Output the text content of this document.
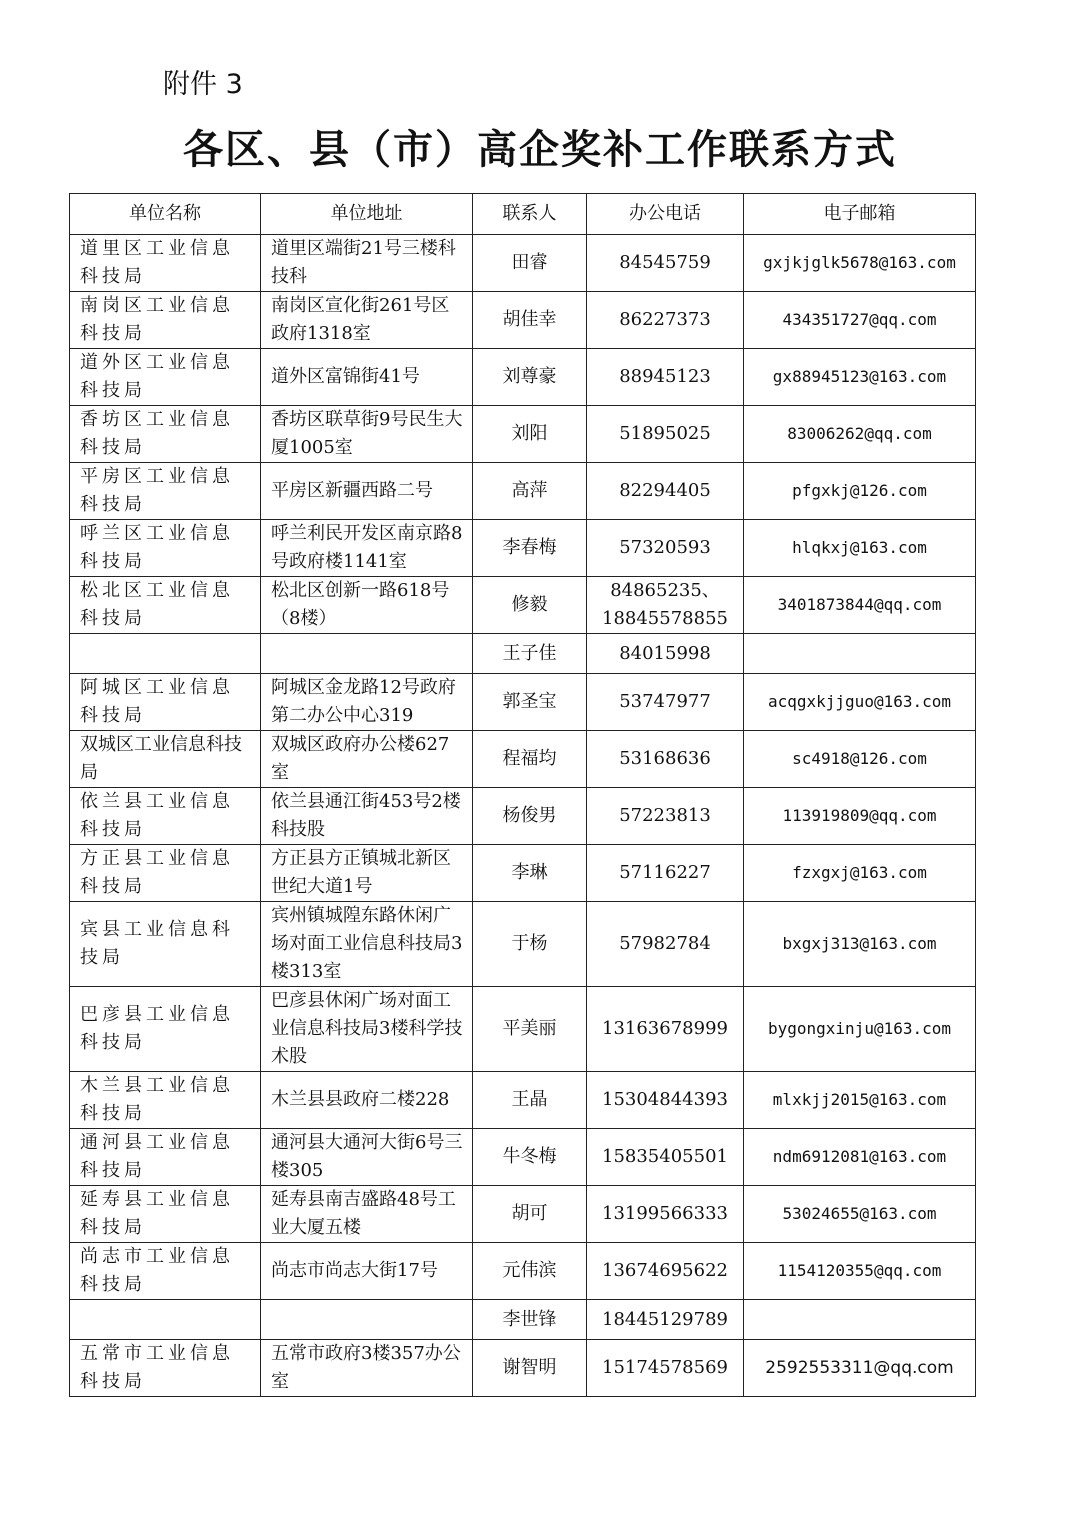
附件 3
各区、县（市）高企奖补工作联系方式
单位名称	单位地址	联系人	办公电话	电子邮箱
道里区工业信息科技局	道里区端街21号三楼科技科	田睿	84545759	gxjkjglk5678@163.com
南岗区工业信息科技局	南岗区宣化街261号区政府1318室	胡佳幸	86227373	434351727@qq.com
道外区工业信息科技局	道外区富锦街41号	刘尊豪	88945123	gx88945123@163.com
香坊区工业信息科技局	香坊区联草街9号民生大厦1005室	刘阳	51895025	83006262@qq.com
平房区工业信息科技局	平房区新疆西路二号	高萍	82294405	pfgxkj@126.com
呼兰区工业信息科技局	呼兰利民开发区南京路8号政府楼1141室	李春梅	57320593	hlqkxj@163.com
松北区工业信息科技局	松北区创新一路618号（8楼）	修毅	84865235、18845578855	3401873844@qq.com
		王子佳	84015998	
阿城区工业信息科技局	阿城区金龙路12号政府第二办公中心319	郭圣宝	53747977	acqgxkjjguo@163.com
双城区工业信息科技局	双城区政府办公楼627室	程福均	53168636	sc4918@126.com
依兰县工业信息科技局	依兰县通江街453号2楼科技股	杨俊男	57223813	113919809@qq.com
方正县工业信息科技局	方正县方正镇城北新区世纪大道1号	李琳	57116227	fzxgxj@163.com
宾县工业信息科技局	宾州镇城隍东路休闲广场对面工业信息科技局3楼313室	于杨	57982784	bxgxj313@163.com
巴彦县工业信息科技局	巴彦县休闲广场对面工业信息科技局3楼科学技术股	平美丽	13163678999	bygongxinju@163.com
木兰县工业信息科技局	木兰县县政府二楼228	王晶	15304844393	mlxkjj2015@163.com
通河县工业信息科技局	通河县大通河大街6号三楼305	牛冬梅	15835405501	ndm6912081@163.com
延寿县工业信息科技局	延寿县南吉盛路48号工业大厦五楼	胡可	13199566333	53024655@163.com
尚志市工业信息科技局	尚志市尚志大街17号	元伟滨	13674695622	1154120355@qq.com
		李世锋	18445129789	
五常市工业信息科技局	五常市政府3楼357办公室	谢智明	15174578569	2592553311@qq.com
